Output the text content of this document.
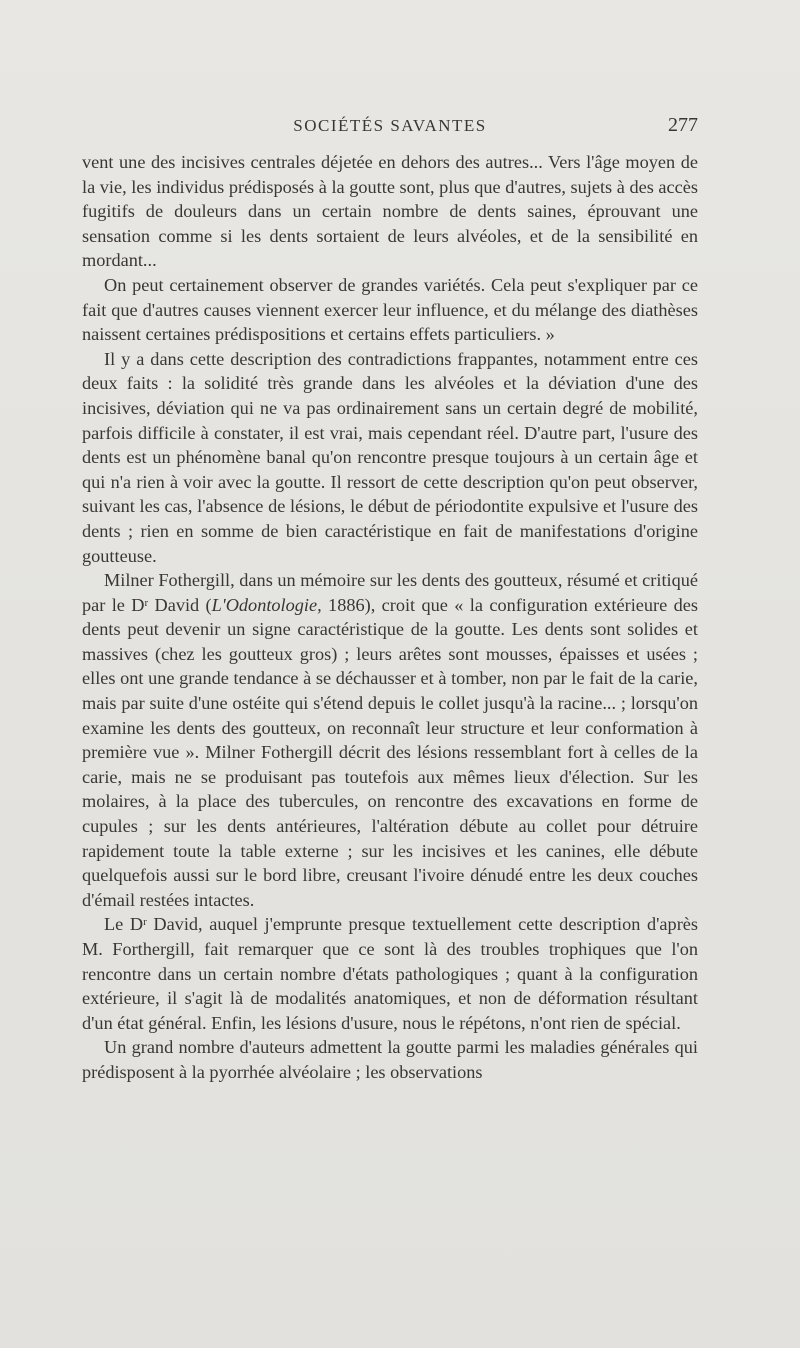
SOCIÉTÉS SAVANTES	277

vent une des incisives centrales déjetée en dehors des autres... Vers l'âge moyen de la vie, les individus prédisposés à la goutte sont, plus que d'autres, sujets à des accès fugitifs de douleurs dans un certain nombre de dents saines, éprouvant une sensation comme si les dents sortaient de leurs alvéoles, et de la sensibilité en mordant...

On peut certainement observer de grandes variétés. Cela peut s'expliquer par ce fait que d'autres causes viennent exercer leur influence, et du mélange des diathèses naissent certaines prédispositions et certains effets particuliers. »

Il y a dans cette description des contradictions frappantes, notamment entre ces deux faits : la solidité très grande dans les alvéoles et la déviation d'une des incisives, déviation qui ne va pas ordinairement sans un certain degré de mobilité, parfois difficile à constater, il est vrai, mais cependant réel. D'autre part, l'usure des dents est un phénomène banal qu'on rencontre presque toujours à un certain âge et qui n'a rien à voir avec la goutte. Il ressort de cette description qu'on peut observer, suivant les cas, l'absence de lésions, le début de périodontite expulsive et l'usure des dents ; rien en somme de bien caractéristique en fait de manifestations d'origine goutteuse.

Milner Fothergill, dans un mémoire sur les dents des goutteux, résumé et critiqué par le $D^r$ David (L'Odontologie, 1886), croit que « la configuration extérieure des dents peut devenir un signe caractéristique de la goutte. Les dents sont solides et massives (chez les goutteux gros) ; leurs arêtes sont mousses, épaisses et usées ; elles ont une grande tendance à se déchausser et à tomber, non par le fait de la carie, mais par suite d'une ostéite qui s'étend depuis le collet jusqu'à la racine... ; lorsqu'on examine les dents des goutteux, on reconnaît leur structure et leur conformation à première vue ». Milner Fothergill décrit des lésions ressemblant fort à celles de la carie, mais ne se produisant pas toutefois aux mêmes lieux d'élection. Sur les molaires, à la place des tubercules, on rencontre des excavations en forme de cupules ; sur les dents antérieures, l'altération débute au collet pour détruire rapidement toute la table externe ; sur les incisives et les canines, elle débute quelquefois aussi sur le bord libre, creusant l'ivoire dénudé entre les deux couches d'émail restées intactes.

Le $D^r$ David, auquel j'emprunte presque textuellement cette description d'après M. Forthergill, fait remarquer que ce sont là des troubles trophiques que l'on rencontre dans un certain nombre d'états pathologiques ; quant à la configuration extérieure, il s'agit là de modalités anatomiques, et non de déformation résultant d'un état général. Enfin, les lésions d'usure, nous le répétons, n'ont rien de spécial.

Un grand nombre d'auteurs admettent la goutte parmi les maladies générales qui prédisposent à la pyorrhée alvéolaire ; les observations
